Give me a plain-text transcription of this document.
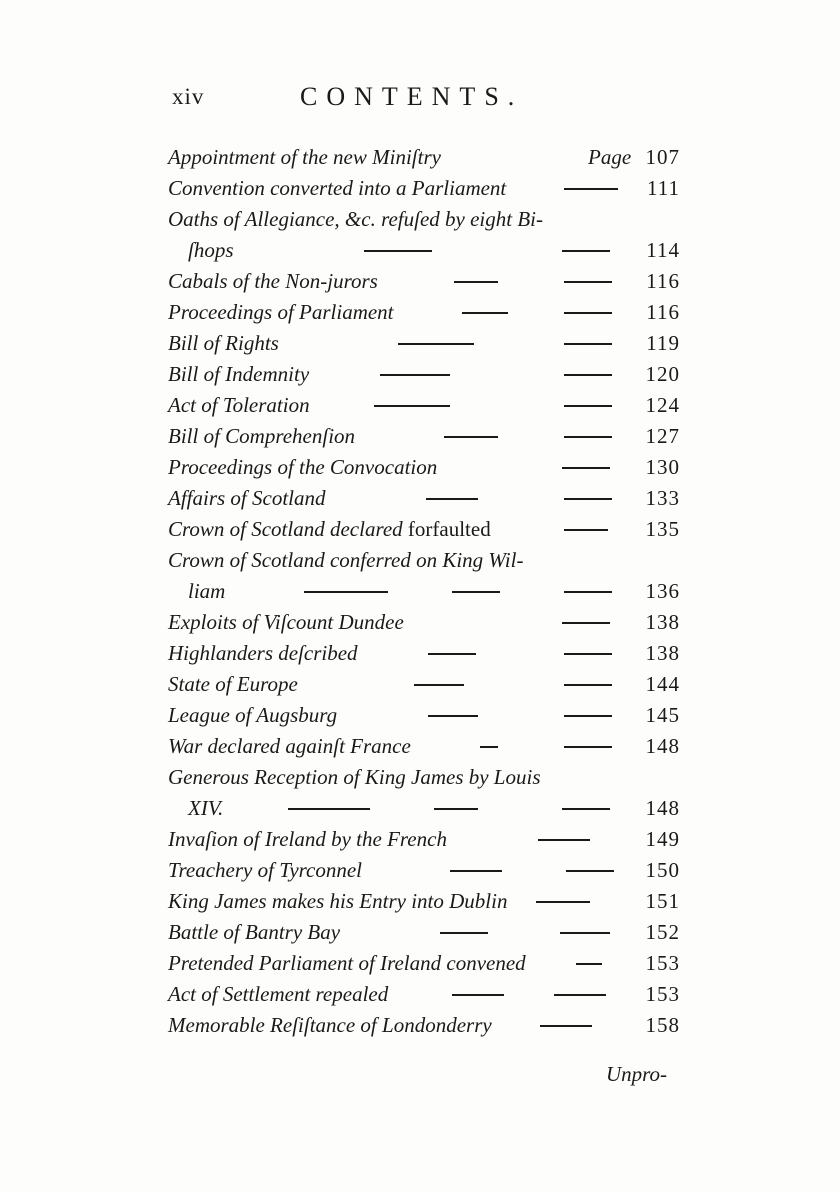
xiv	CONTENTS.
Appointment of the new Miniſtry	Page 107
Convention converted into a Parliament	111
Oaths of Allegiance, &c. refuſed by eight Bi-
ſhops	114
Cabals of the Non-jurors	116
Proceedings of Parliament	116
Bill of Rights	119
Bill of Indemnity	120
Act of Toleration	124
Bill of Comprehenſion	127
Proceedings of the Convocation	130
Affairs of Scotland	133
Crown of Scotland declared forfaulted	135
Crown of Scotland conferred on King Wil-
liam	136
Exploits of Viſcount Dundee	138
Highlanders deſcribed	138
State of Europe	144
League of Augsburg	145
War declared againſt France	148
Generous Reception of King James by Louis
XIV.	148
Invaſion of Ireland by the French	149
Treachery of Tyrconnel	150
King James makes his Entry into Dublin	151
Battle of Bantry Bay	152
Pretended Parliament of Ireland convened	153
Act of Settlement repealed	153
Memorable Reſiſtance of Londonderry	158
Unpro-
